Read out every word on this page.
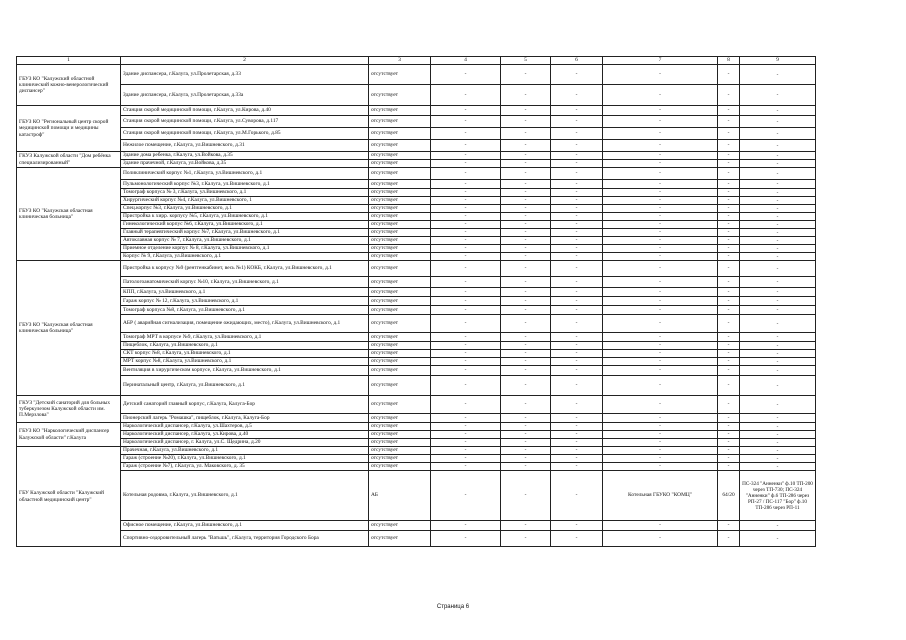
1	2	3	4	5	6	7	8	9
ГБУЗ КО "Калужский областной клинический кожно-венерологический диспансер"	Здание диспансера, г.Калуга, ул.Пролетарская, д.33	отсутствует	-	-	-	-	-	-
	Здание диспансера, г.Калуга, ул.Пролетарская, д.33а	отсутствует	-	-	-	-	-	-
ГБУЗ КО "Региональный центр скорой медицинской помощи и медицины катастроф"	Станция скорой медицинской помощи, г.Калуга, ул.Кирова, д.40	отсутствует	-	-	-	-	-	-
	Станция скорой медицинской помощи, г.Калуга, ул.Суворова, д.117	отсутствует	-	-	-	-	-	-
	Станция скорой медицинской помощи, г.Калуга, ул.М.Горького, д.85	отсутствует	-	-	-	-	-	-
	Нежилое помещение, г.Калуга, ул.Вишневского, д.31	отсутствует	-	-	-	-	-	-
ГКУЗ Калужской области "Дом ребёнка специализированный"	Здание дома ребенка, г.Калуга, ул.Войкова, д.35	отсутствует	-	-	-	-	-	-
	Здание прачечной, г.Калуга, ул.Войкова, д.35	отсутствует	-	-	-	-	-	-
ГБУЗ КО "Калужская областная клиническая больница"	Поликлинический корпус №1, г.Калуга, ул.Вишневского, д.1	отсутствует	-	-	-	-	-	-
	Пульмонологический корпус №3, г.Калуга, ул.Вишневского, д.1	отсутствует	-	-	-	-	-	-
	Томограф корпуса № 3, г.Калуга, ул.Вишневского, д.1	отсутствует	-	-	-	-	-	-
	Хирургический корпус №4, г.Калуга, ул.Вишневского, 1	отсутствует	-	-	-	-	-	-
	Спец.корпус №3, г.Калуга, ул.Вишневского, д.1	отсутствует	-	-	-	-	-	-
	Пристройка к хирр. корпусу №5, г.Калуга, ул.Вишневского, д.1	отсутствует	-	-	-	-	-	-
	Гинекологический корпус №6, г.Калуга, ул.Вишневского, д.1	отсутствует	-	-	-	-	-	-
	Главный терапевтический корпус №7, г.Калуга, ул.Вишневского, д.1	отсутствует	-	-	-	-	-	-
	Автоклавная корпус № 7, г.Калуга, ул.Вишневского, д.1	отсутствует	-	-	-	-	-	-
	Приемное отделение корпус № 8, г.Калуга, ул.Вишневского, д.1	отсутствует	-	-	-	-	-	-
	Корпус № 9, г.Калуга, ул.Вишневского, д.1	отсутствует	-	-	-	-	-	-
ГБУЗ КО "Калужская областная клиническая больница"	Пристройка к корпусу №9 (рентгенкабинет, весь №1) КОКБ, г.Калуга, ул.Вишневского, д.1	отсутствует	-	-	-	-	-	-
	Патологоанатомический корпус №10, г.Калуга, ул.Вишневского, д.1	отсутствует	-	-	-	-	-	-
	КПП, г.Калуга, ул.Вишневского, д.1	отсутствует	-	-	-	-	-	-
	Гараж корпус № 12, г.Калуга, ул.Вишневского, д.1	отсутствует	-	-	-	-	-	-
	Томограф корпуса №8, г.Калуга, ул.Вишневского, д.1	отсутствует	-	-	-	-	-	-
	АБР ( аварийная сигнализация, помещение ожидающих, место), г.Калуга, ул.Вишневского, д.1	отсутствует	-	-	-	-	-	-
	Томограф МРТ в корпусе №9, г.Калуга, ул.Вишневского, д.1	отсутствует	-	-	-	-	-	-
	Пищеблок, г.Калуга, ул.Вишневского, д.1	отсутствует	-	-	-	-	-	-
	СКТ корпус №8, г.Калуга, ул.Вишневского, д.1	отсутствует	-	-	-	-	-	-
	МРТ корпус №8, г.Калуга, ул.Вишневского, д.1	отсутствует	-	-	-	-	-	-
	Вентиляция в хирургическом корпусе, г.Калуга, ул.Вишневского, д.1	отсутствует	-	-	-	-	-	-
	Перинатальный центр, г.Калуга, ул.Вишневского, д.1	отсутствует	-	-	-	-	-	-
ГКУЗ "Детский санаторий для больных туберкулезом Калужской области им. П.Мерзлова"	Детский санаторий главный корпус, г.Калуга, Калуга-Бор	отсутствует	-	-	-	-	-	-
	Пионерский лагерь "Ромашка", пищеблок, г.Калуга, Калуга-Бор	отсутствует	-	-	-	-	-	-
ГБУЗ КО "Наркологический диспансер Калужской области" г.Калуга	Наркологический диспансер, г.Калуга, ул.Шахтеров, д.5	отсутствует	-	-	-	-	-	-
	Наркологический диспансер, г.Калуга, ул.Кирова, д.40	отсутствует	-	-	-	-	-	-
	Наркологический диспансер, г. Калуга, ул.С. Щедрина, д.20	отсутствует	-	-	-	-	-	-
ГБУ Калужской области "Калужский областной медицинский центр"	Прачечная, г.Калуга, ул.Вишневского, д.1	отсутствует	-	-	-	-	-	-
	Гараж (строение №20), г.Калуга, ул.Вишневского, д.1	отсутствует	-	-	-	-	-	-
	Гараж (строение №7), г.Калуга, ул. Маковского, д. 35	отсутствует	-	-	-	-	-	-
	Котельная родовма, г.Калуга, ул.Вишневского, д.1	АБ	-	-	-	Котельная ГБУКО "КОМЦ"	64/20	ПС-324 "Анненки" ф.10 ТП-200 через ТП-730; ПС-324 "Анненки" ф.6 ТП-286 через РП-27 / ПС-117 "Бор" ф.10 ТП-286 через РП-11
	Офисное помещение, г.Калуга, ул.Вишневского, д.1	отсутствует	-	-	-	-	-	-
	Спортивно-оздоровительный лагерь "Ватьшь", г.Калуга, территория Городского Бора	отсутствует	-	-	-	-	-	-
Страница 6
